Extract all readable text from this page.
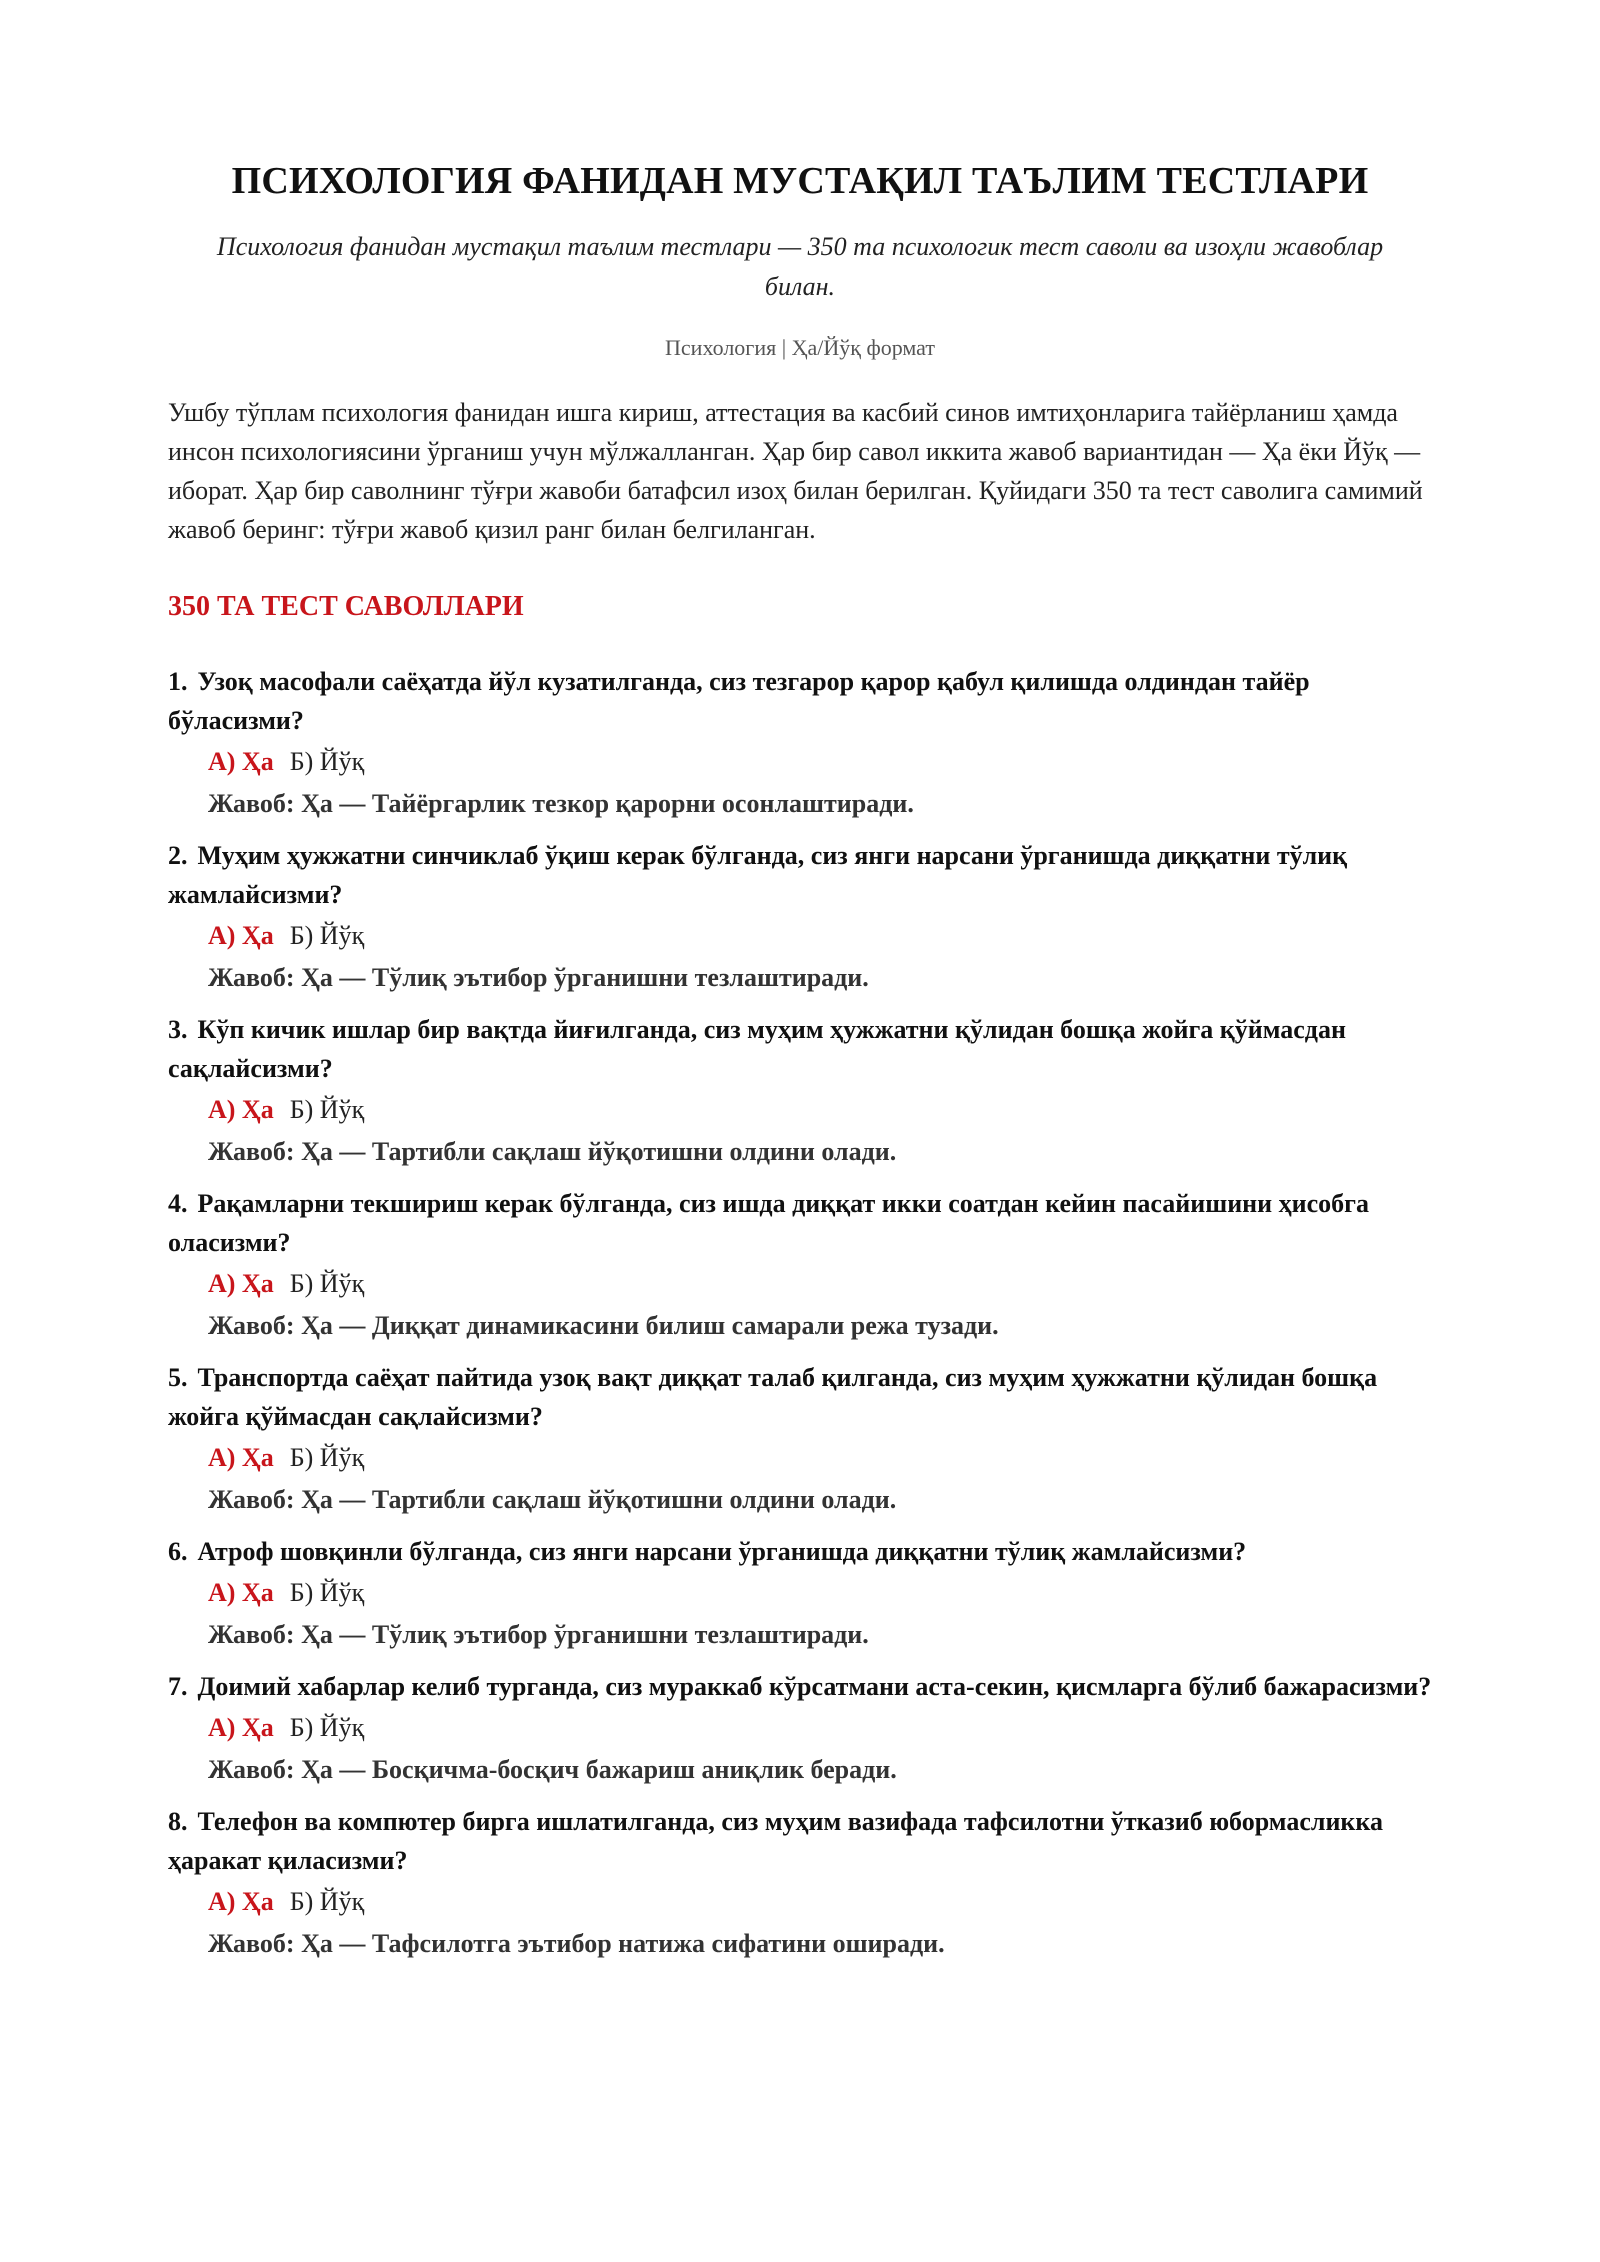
ПСИХОЛОГИЯ ФАНИДАН МУСТАҚИЛ ТАЪЛИМ ТЕСТЛАРИ
Психология фанидан мустақил таълим тестлари — 350 та психологик тест саволи ва изоҳли жавоблар билан.
Психология | Ҳа/Йўқ формат
Ушбу тўплам психология фанидан ишга кириш, аттестация ва касбий синов имтиҳонларига тайёрланиш ҳамда инсон психологиясини ўрганиш учун мўлжалланган. Ҳар бир савол иккита жавоб вариантидан — Ҳа ёки Йўқ — иборат. Ҳар бир саволнинг тўғри жавоби батафсил изоҳ билан берилган. Қуйидаги 350 та тест саволига самимий жавоб беринг: тўғри жавоб қизил ранг билан белгиланган.
350 ТА ТЕСТ САВОЛЛАРИ
1. Узоқ масофали саёҳатда йўл кузатилганда, сиз тезгарор қарор қабул қилишда олдиндан тайёр бўласизми?
А) Ҳа Б) Йўқ
Жавоб: Ҳа — Тайёргарлик тезкор қарорни осонлаштиради.
2. Муҳим ҳужжатни синчиклаб ўқиш керак бўлганда, сиз янги нарсани ўрганишда диққатни тўлиқ жамлайсизми?
А) Ҳа Б) Йўқ
Жавоб: Ҳа — Тўлиқ эътибор ўрганишни тезлаштиради.
3. Кўп кичик ишлар бир вақтда йиғилганда, сиз муҳим ҳужжатни қўлидан бошқа жойга қўймасдан сақлайсизми?
А) Ҳа Б) Йўқ
Жавоб: Ҳа — Тартибли сақлаш йўқотишни олдини олади.
4. Рақамларни текшириш керак бўлганда, сиз ишда диққат икки соатдан кейин пасайишини ҳисобга оласизми?
А) Ҳа Б) Йўқ
Жавоб: Ҳа — Диққат динамикасини билиш самарали режа тузади.
5. Транспортда саёҳат пайтида узоқ вақт диққат талаб қилганда, сиз муҳим ҳужжатни қўлидан бошқа жойга қўймасдан сақлайсизми?
А) Ҳа Б) Йўқ
Жавоб: Ҳа — Тартибли сақлаш йўқотишни олдини олади.
6. Атроф шовқинли бўлганда, сиз янги нарсани ўрганишда диққатни тўлиқ жамлайсизми?
А) Ҳа Б) Йўқ
Жавоб: Ҳа — Тўлиқ эътибор ўрганишни тезлаштиради.
7. Доимий хабарлар келиб турганда, сиз мураккаб кўрсатмани аста-секин, қисмларга бўлиб бажарасизми?
А) Ҳа Б) Йўқ
Жавоб: Ҳа — Босқичма-босқич бажариш аниқлик беради.
8. Телефон ва компютер бирга ишлатилганда, сиз муҳим вазифада тафсилотни ўтказиб юбормасликка ҳаракат қиласизми?
А) Ҳа Б) Йўқ
Жавоб: Ҳа — Тафсилотга эътибор натижа сифатини оширади.
